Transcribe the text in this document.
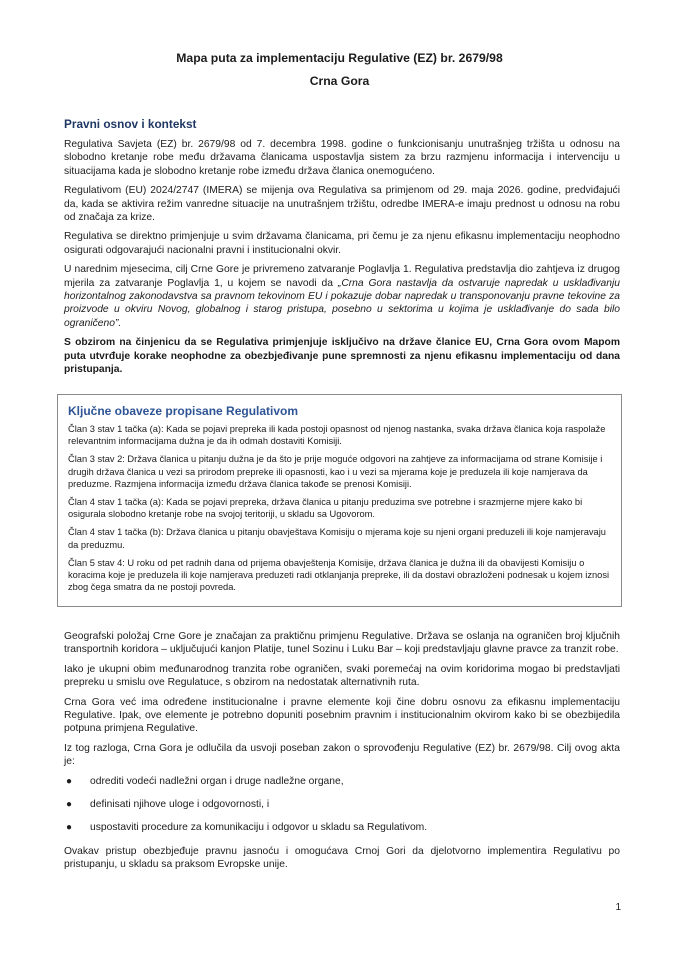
Mapa puta za implementaciju Regulative (EZ) br. 2679/98
Crna Gora
Pravni osnov i kontekst

Regulativa Savjeta (EZ) br. 2679/98 od 7. decembra 1998. godine o funkcionisanju unutrašnjeg tržišta u odnosu na slobodno kretanje robe među državama članicama uspostavlja sistem za brzu razmjenu informacija i intervenciju u situacijama kada je slobodno kretanje robe između država članica onemogućeno.

Regulativom (EU) 2024/2747 (IMERA) se mijenja ova Regulativa sa primjenom od 29. maja 2026. godine, predviđajući da, kada se aktivira režim vanredne situacije na unutrašnjem tržištu, odredbe IMERA-e imaju prednost u odnosu na robu od značaja za krize.

Regulativa se direktno primjenjuje u svim državama članicama, pri čemu je za njenu efikasnu implementaciju neophodno osigurati odgovarajući nacionalni pravni i institucionalni okvir.

U narednim mjesecima, cilj Crne Gore je privremeno zatvaranje Poglavlja 1. Regulativa predstavlja dio zahtjeva iz drugog mjerila za zatvaranje Poglavlja 1, u kojem se navodi da „Crna Gora nastavlja da ostvaruje napredak u usklađivanju horizontalnog zakonodavstva sa pravnom tekovinom EU i pokazuje dobar napredak u transponovanju pravne tekovine za proizvode u okviru Novog, globalnog i starog pristupa, posebno u sektorima u kojima je usklađivanje do sada bilo ograničeno”.

S obzirom na činjenicu da se Regulativa primjenjuje isključivo na države članice EU, Crna Gora ovom Mapom puta utvrđuje korake neophodne za obezbjeđivanje pune spremnosti za njenu efikasnu implementaciju od dana pristupanja.

Ključne obaveze propisane Regulativom

Član 3 stav 1 tačka (a): Kada se pojavi prepreka ili kada postoji opasnost od njenog nastanka, svaka država članica koja raspolaže relevantnim informacijama dužna je da ih odmah dostaviti Komisiji.

Član 3 stav 2: Država članica u pitanju dužna je da što je prije moguće odgovori na zahtjeve za informacijama od strane Komisije i drugih država članica u vezi sa prirodom prepreke ili opasnosti, kao i u vezi sa mjerama koje je preduzela ili koje namjerava da preduzme. Razmjena informacija između država članica takođe se prenosi Komisiji.

Član 4 stav 1 tačka (a): Kada se pojavi prepreka, država članica u pitanju preduzima sve potrebne i srazmjerne mjere kako bi osigurala slobodno kretanje robe na svojoj teritoriji, u skladu sa Ugovorom.

Član 4 stav 1 tačka (b): Država članica u pitanju obavještava Komisiju o mjerama koje su njeni organi preduzeli ili koje namjeravaju da preduzmu.

Član 5 stav 4: U roku od pet radnih dana od prijema obavještenja Komisije, država članica je dužna ili da obavijesti Komisiju o koracima koje je preduzela ili koje namjerava preduzeti radi otklanjanja prepreke, ili da dostavi obrazloženi podnesak u kojem iznosi zbog čega smatra da ne postoji povreda.

Geografski položaj Crne Gore je značajan za praktičnu primjenu Regulative. Država se oslanja na ograničen broj ključnih transportnih koridora – uključujući kanjon Platije, tunel Sozinu i Luku Bar – koji predstavljaju glavne pravce za tranzit robe.

Iako je ukupni obim međunarodnog tranzita robe ograničen, svaki poremećaj na ovim koridorima mogao bi predstavljati prepreku u smislu ove Regulatuce, s obzirom na nedostatak alternativnih ruta.

Crna Gora već ima određene institucionalne i pravne elemente koji čine dobru osnovu za efikasnu implementaciju Regulative. Ipak, ove elemente je potrebno dopuniti posebnim pravnim i institucionalnim okvirom kako bi se obezbijedila potpuna primjena Regulative.

Iz tog razloga, Crna Gora je odlučila da usvoji poseban zakon o sprovođenju Regulative (EZ) br. 2679/98. Cilj ovog akta je:

● odrediti vodeći nadležni organ i druge nadležne organe,
● definisati njihove uloge i odgovornosti, i
● uspostaviti procedure za komunikaciju i odgovor u skladu sa Regulativom.

Ovakav pristup obezbjeđuje pravnu jasnoću i omogućava Crnoj Gori da djelotvorno implementira Regulativu po pristupanju, u skladu sa praksom Evropske unije.

1
